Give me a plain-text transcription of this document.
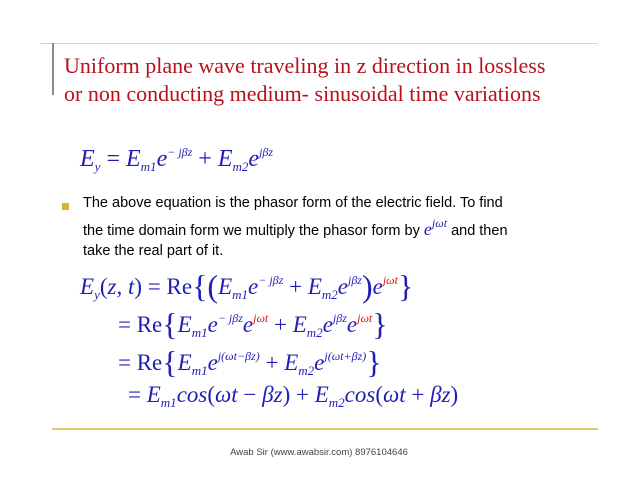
Uniform plane wave traveling in z direction in lossless
or non conducting medium- sinusoidal time variations
$E_y = E_{m1}e^{- j\beta z} + E_{m2}e^{j\beta z}$
The above equation is the phasor form of the electric field. To find
the time domain form we multiply the phasor form by $e^{j\omega t}$ and then
take the real part of it.
$E_y(z$, $t) = Re\{(E_{m1}e^{- j\beta z} + E_{m2}e^{j\beta z})e^{j\omega t}\}$
= $Re\{E_{m1}e^{- j\beta z}e^{j\omega t} + E_{m2}e^{j\beta z}e^{j\omega t}\}$
= $Re\{E_{m1}e^{j(\omega t-\beta z)} + E_{m2}e^{j(\omega t+\beta z)}\}$
= $E_{m1}\cos(\omega t - \beta z) + E_{m2}\cos(\omega t + \beta z)$
Awab Sir (www.awabsir.com) 8976104646
